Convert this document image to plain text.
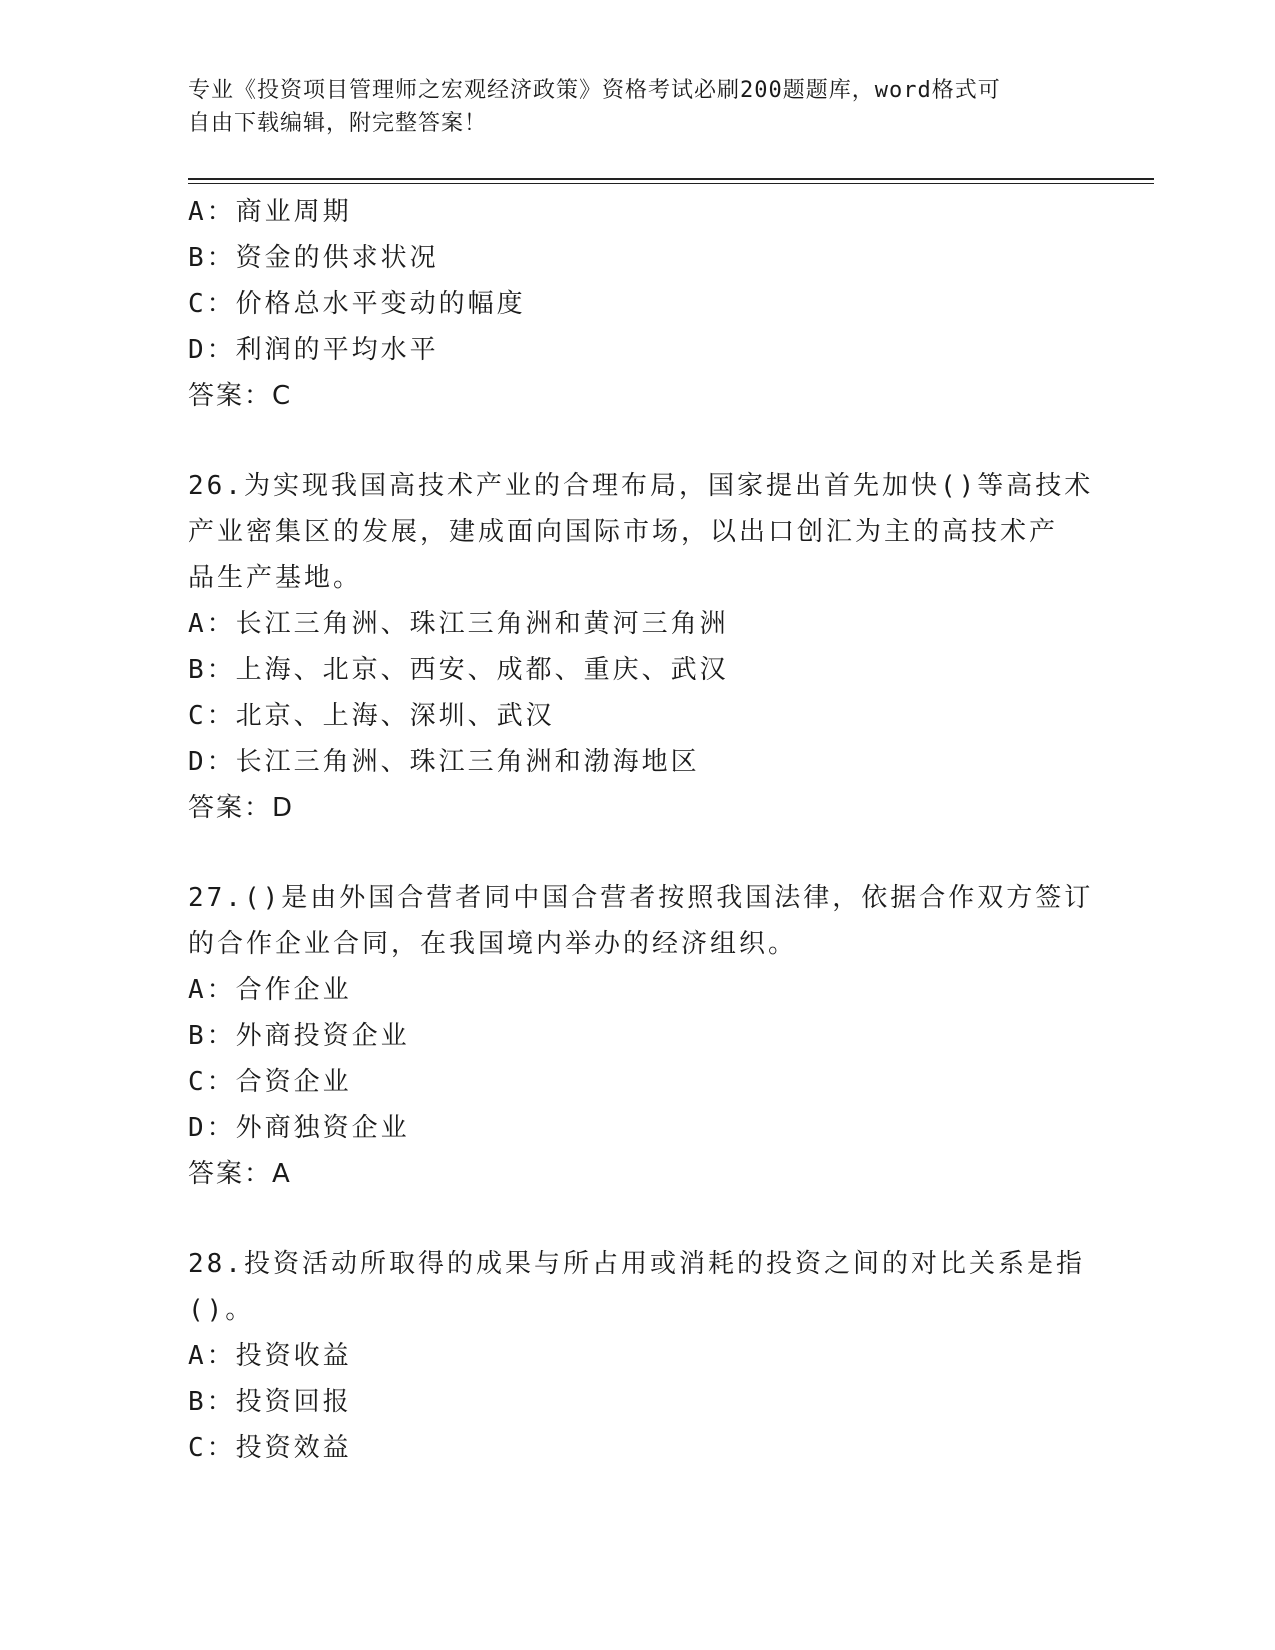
专业《投资项目管理师之宏观经济政策》资格考试必刷200题题库，word格式可
自由下载编辑，附完整答案！
A：商业周期
B：资金的供求状况
C：价格总水平变动的幅度
D：利润的平均水平
答案：C
26.为实现我国高技术产业的合理布局，国家提出首先加快()等高技术
产业密集区的发展，建成面向国际市场，以出口创汇为主的高技术产
品生产基地。
A：长江三角洲、珠江三角洲和黄河三角洲
B：上海、北京、西安、成都、重庆、武汉
C：北京、上海、深圳、武汉
D：长江三角洲、珠江三角洲和渤海地区
答案：D
27.()是由外国合营者同中国合营者按照我国法律，依据合作双方签订
的合作企业合同，在我国境内举办的经济组织。
A：合作企业
B：外商投资企业
C：合资企业
D：外商独资企业
答案：A
28.投资活动所取得的成果与所占用或消耗的投资之间的对比关系是指
()。
A：投资收益
B：投资回报
C：投资效益
